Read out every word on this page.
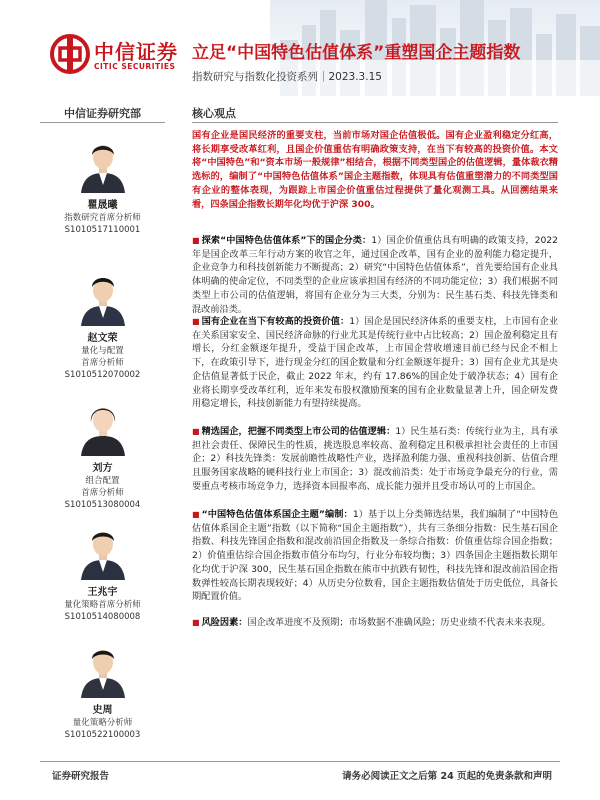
中信证券
CITIC SECURITIES
立足“中国特色估值体系”重塑国企主题指数
指数研究与指数化投资系列｜2023.3.15
中信证券研究部	核心观点
瞿晟曦
指数研究首席分析师
S1010517110001
赵文荣
量化与配置
首席分析师
S1010512070002
刘方
组合配置
首席分析师
S1010513080004
王兆宇
量化策略首席分析师
S1010514080008
史周
量化策略分析师
S1010522100003

国有企业是国民经济的重要支柱，当前市场对国企估值极低。国有企业盈利稳定分红高，将长期享受改革红利，且国企价值重估有明确政策支持，在当下有较高的投资价值。本文将“中国特色”和“资本市场一般规律”相结合，根据不同类型国企的估值逻辑，量体裁衣精选标的，编制了“中国特色估值体系”国企主题指数，体现具有估值重塑潜力的不同类型国有企业的整体表现，为跟踪上市国企价值重估过程提供了量化观测工具。从回溯结果来看，四条国企指数长期年化均优于沪深 300。

■ 探索“中国特色估值体系”下的国企分类：1）国企价值重估具有明确的政策支持，2022 年是国企改革三年行动方案的收官之年，通过国企改革，国有企业的盈利能力稳定提升，企业竞争力和科技创新能力不断提高；2）研究“中国特色估值体系”，首先要给国有企业具体明确的使命定位，不同类型的企业应该承担国有经济的不同功能定位；3）我们根据不同类型上市公司的估值逻辑，将国有企业分为三大类，分别为：民生基石类、科技先锋类和混改前沿类。
■ 国有企业在当下有较高的投资价值：1）国企是国民经济体系的重要支柱，上市国有企业在关系国家安全、国民经济命脉的行业尤其是传统行业中占比较高；2）国企盈利稳定且有增长，分红金额逐年提升，受益于国企改革，上市国企营收增速目前已经与民企不相上下，在政策引导下，进行现金分红的国企数量和分红金额逐年提升；3）国有企业尤其是央企估值显著低于民企，截止 2022 年末，约有 17.86%的国企处于破净状态；4）国有企业将长期享受改革红利，近年来发布股权激励预案的国有企业数量显著上升，国企研发费用稳定增长，科技创新能力有望持续提高。
■ 精选国企，把握不同类型上市公司的估值逻辑：1）民生基石类：传统行业为主，具有承担社会责任、保障民生的性质，挑选股息率较高、盈利稳定且积极承担社会责任的上市国企；2）科技先锋类：发展前瞻性战略性产业，选择盈利能力强、重视科技创新、估值合理且服务国家战略的硬科技行业上市国企；3）混改前沿类：处于市场竞争最充分的行业，需要重点考核市场竞争力，选择资本回报率高、成长能力强并且受市场认可的上市国企。
■ “中国特色估值体系国企主题”编制：1）基于以上分类筛选结果，我们编制了“中国特色估值体系国企主题”指数（以下简称“国企主题指数”），共有三条细分指数：民生基石国企指数、科技先锋国企指数和混改前沿国企指数及一条综合指数：价值重估综合国企指数；2）价值重估综合国企指数市值分布均匀，行业分布较均衡；3）四条国企主题指数长期年化均优于沪深 300，民生基石国企指数在熊市中抗跌有韧性，科技先锋和混改前沿国企指数弹性较高长期表现较好；4）从历史分位数看，国企主题指数估值处于历史低位，具备长期配置价值。
■ 风险因素：国企改革进度不及预期；市场数据不准确风险；历史业绩不代表未来表现。
证券研究报告	请务必阅读正文之后第 24 页起的免责条款和声明
